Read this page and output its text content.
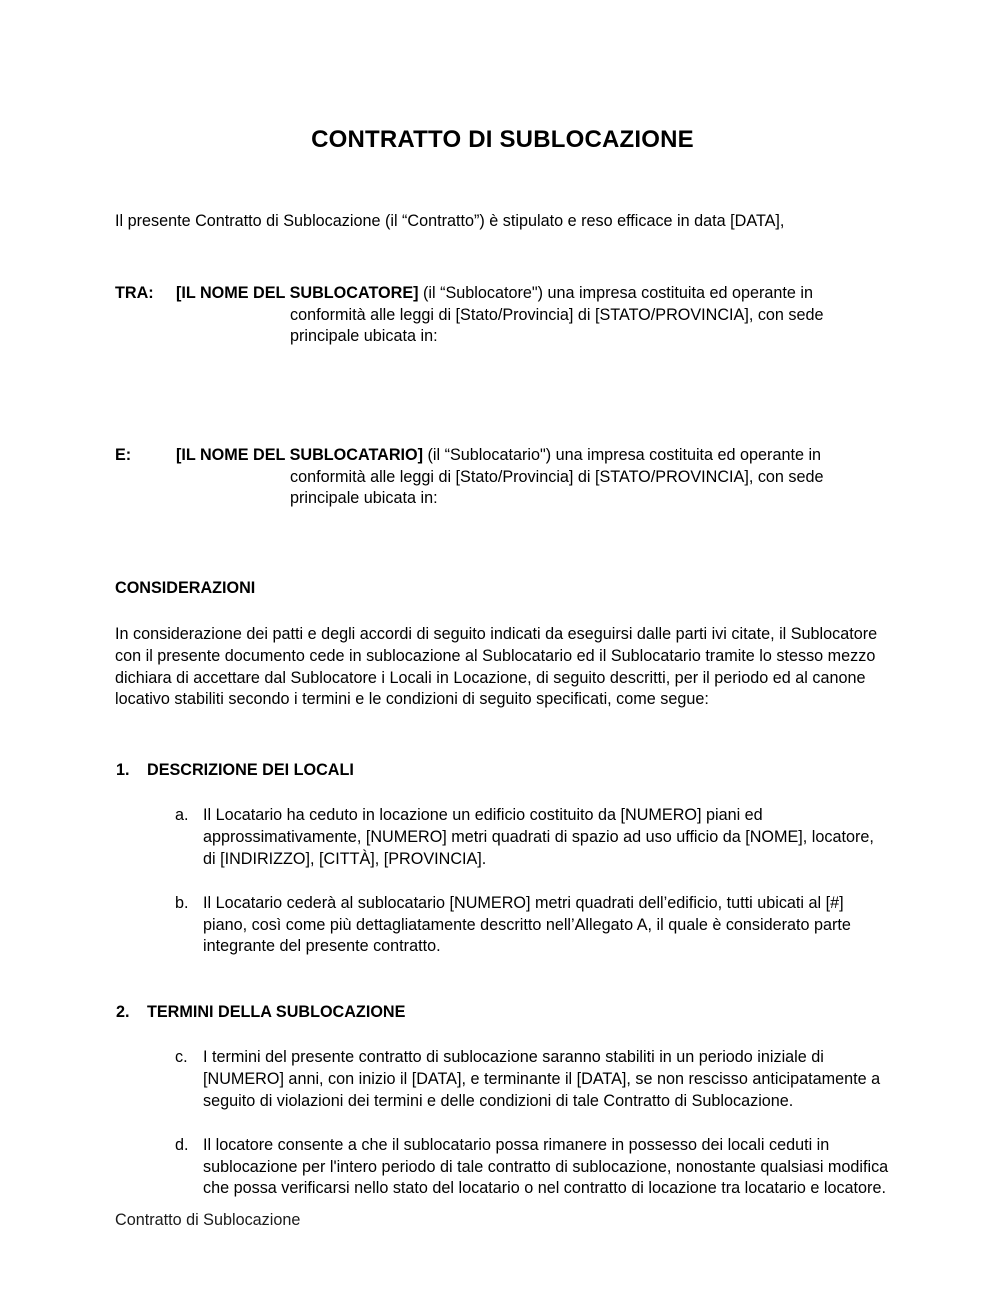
CONTRATTO DI SUBLOCAZIONE

Il presente Contratto di Sublocazione (il “Contratto”) è stipulato e reso efficace in data [DATA],

TRA: [IL NOME DEL SUBLOCATORE] (il “Sublocatore") una impresa costituita ed operante in conformità alle leggi di [Stato/Provincia] di [STATO/PROVINCIA], con sede principale ubicata in:
E:	[IL NOME DEL SUBLOCATARIO] (il “Sublocatario") una impresa costituita ed operante in conformità alle leggi di [Stato/Provincia] di [STATO/PROVINCIA], con sede principale ubicata in:

CONSIDERAZIONI

In considerazione dei patti e degli accordi di seguito indicati da eseguirsi dalle parti ivi citate, il Sublocatore con il presente documento cede in sublocazione al Sublocatario ed il Sublocatario tramite lo stesso mezzo dichiara di accettare dal Sublocatore i Locali in Locazione, di seguito descritti, per il periodo ed al canone locativo stabiliti secondo i termini e le condizioni di seguito specificati, come segue:

1. DESCRIZIONE DEI LOCALI

a. Il Locatario ha ceduto in locazione un edificio costituito da [NUMERO] piani ed approssimativamente, [NUMERO] metri quadrati di spazio ad uso ufficio da [NOME], locatore, di [INDIRIZZO], [CITTÀ], [PROVINCIA].

b. Il Locatario cederà al sublocatario [NUMERO] metri quadrati dell’edificio, tutti ubicati al [#] piano, così come più dettagliatamente descritto nell’Allegato A, il quale è considerato parte integrante del presente contratto.

2. TERMINI DELLA SUBLOCAZIONE

c. I termini del presente contratto di sublocazione saranno stabiliti in un periodo iniziale di [NUMERO] anni, con inizio il [DATA], e terminante il [DATA], se non rescisso anticipatamente a seguito di violazioni dei termini e delle condizioni di tale Contratto di Sublocazione.

d. Il locatore consente a che il sublocatario possa rimanere in possesso dei locali ceduti in sublocazione per l'intero periodo di tale contratto di sublocazione, nonostante qualsiasi modifica che possa verificarsi nello stato del locatario o nel contratto di locazione tra locatario e locatore.

Contratto di Sublocazione
